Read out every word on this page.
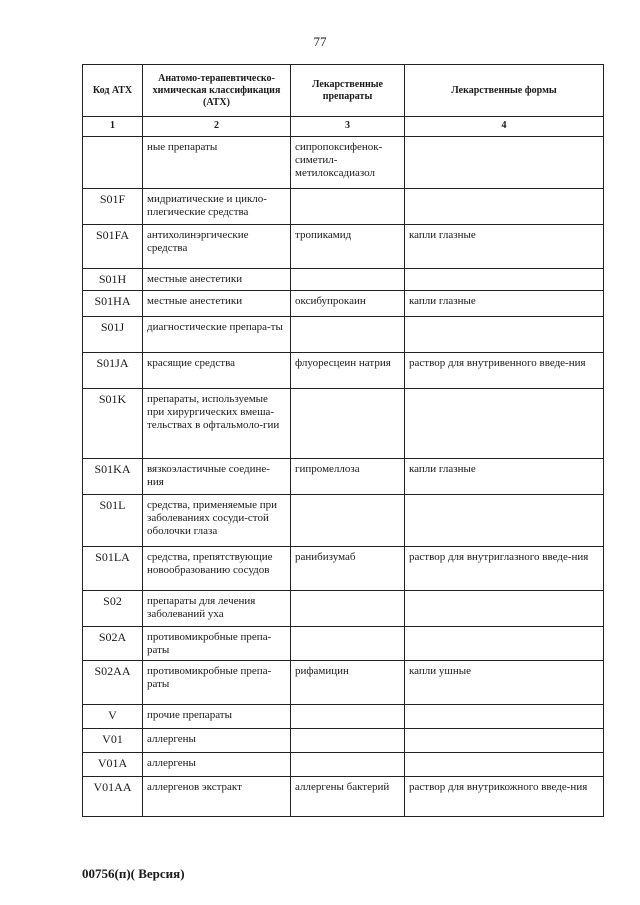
77
Код АТХ	Анатомо-терапевтическо-химическая классификация (АТХ)	Лекарственные препараты	Лекарственные формы
1	2	3	4
	ные препараты	сипропоксифенок-симетил-метилоксадиазол	
S01F	мидриатические и цикло-плегические средства		
S01FA	антихолинэргические средства	тропикамид	капли глазные
S01H	местные анестетики		
S01HA	местные анестетики	оксибупрокаин	капли глазные
S01J	диагностические препара-ты		
S01JA	красящие средства	флуоресцеин натрия	раствор для внутривенного введе-ния
S01K	препараты, используемые при хирургических вмеша-тельствах в офтальмоло-гии		
S01KA	вязкоэластичные соедине-ния	гипромеллоза	капли глазные
S01L	средства, применяемые при заболеваниях сосуди-стой оболочки глаза		
S01LA	средства, препятствующие новообразованию сосудов	ранибизумаб	раствор для внутриглазного введе-ния
S02	препараты для лечения заболеваний уха		
S02A	противомикробные препа-раты		
S02AA	противомикробные препа-раты	рифамицин	капли ушные
V	прочие препараты		
V01	аллергены		
V01A	аллергены		
V01AA	аллергенов экстракт	аллергены бактерий	раствор для внутрикожного введе-ния
00756(п)( Версия)
